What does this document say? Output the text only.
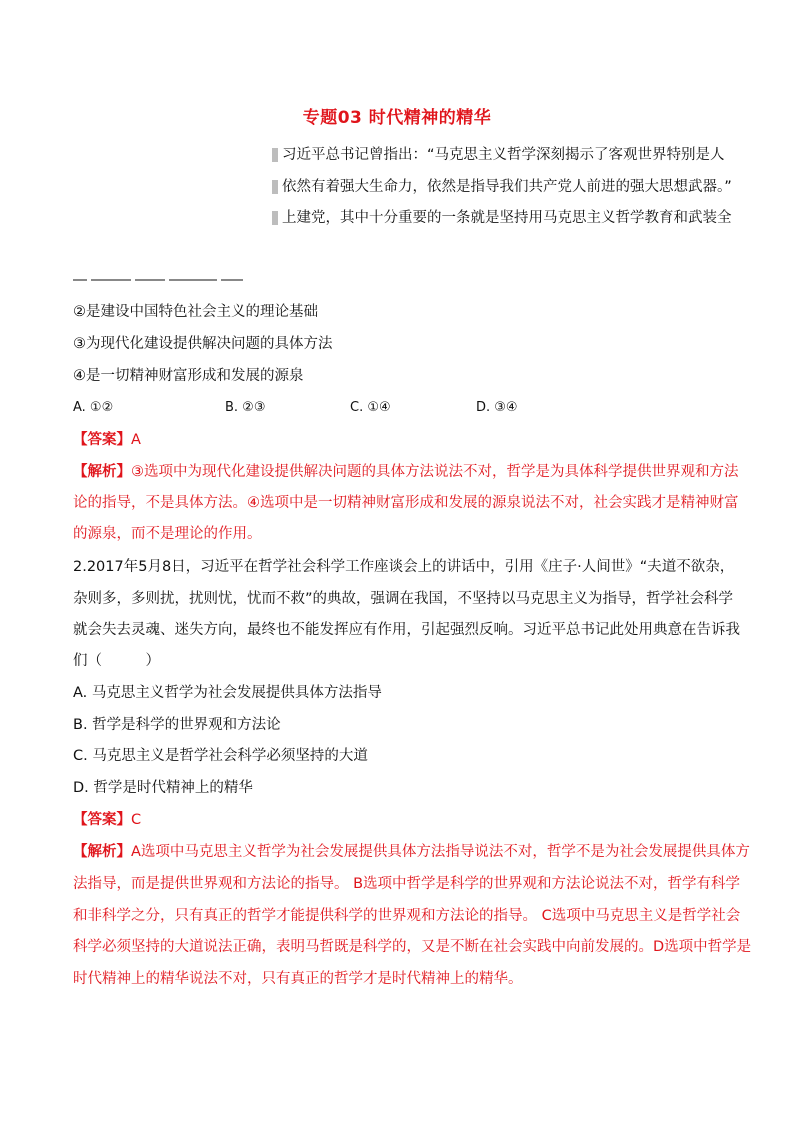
专题03 时代精神的精华
习近平总书记曾指出：“马克思主义哲学深刻揭示了客观世界特别是人
依然有着强大生命力，依然是指导我们共产党人前进的强大思想武器。”
上建党，其中十分重要的一条就是坚持用马克思主义哲学教育和武装全
②是建设中国特色社会主义的理论基础
③为现代化建设提供解决问题的具体方法
④是一切精神财富形成和发展的源泉
A. ①②	B. ②③	C. ①④	D. ③④
【答案】A
【解析】③选项中为现代化建设提供解决问题的具体方法说法不对，哲学是为具体科学提供世界观和方法
论的指导，不是具体方法。④选项中是一切精神财富形成和发展的源泉说法不对，社会实践才是精神财富
的源泉，而不是理论的作用。
2.2017年5月8日，习近平在哲学社会科学工作座谈会上的讲话中，引用《庄子·人间世》“夫道不欲杂，
杂则多，多则扰，扰则忧，忧而不救”的典故，强调在我国，不坚持以马克思主义为指导，哲学社会科学
就会失去灵魂、迷失方向，最终也不能发挥应有作用，引起强烈反响。习近平总书记此处用典意在告诉我
们（　　　）
A. 马克思主义哲学为社会发展提供具体方法指导
B. 哲学是科学的世界观和方法论
C. 马克思主义是哲学社会科学必须坚持的大道
D. 哲学是时代精神上的精华
【答案】C
【解析】A选项中马克思主义哲学为社会发展提供具体方法指导说法不对，哲学不是为社会发展提供具体方
法指导，而是提供世界观和方法论的指导。 B选项中哲学是科学的世界观和方法论说法不对，哲学有科学
和非科学之分，只有真正的哲学才能提供科学的世界观和方法论的指导。 C选项中马克思主义是哲学社会
科学必须坚持的大道说法正确，表明马哲既是科学的，又是不断在社会实践中向前发展的。D选项中哲学是
时代精神上的精华说法不对，只有真正的哲学才是时代精神上的精华。
